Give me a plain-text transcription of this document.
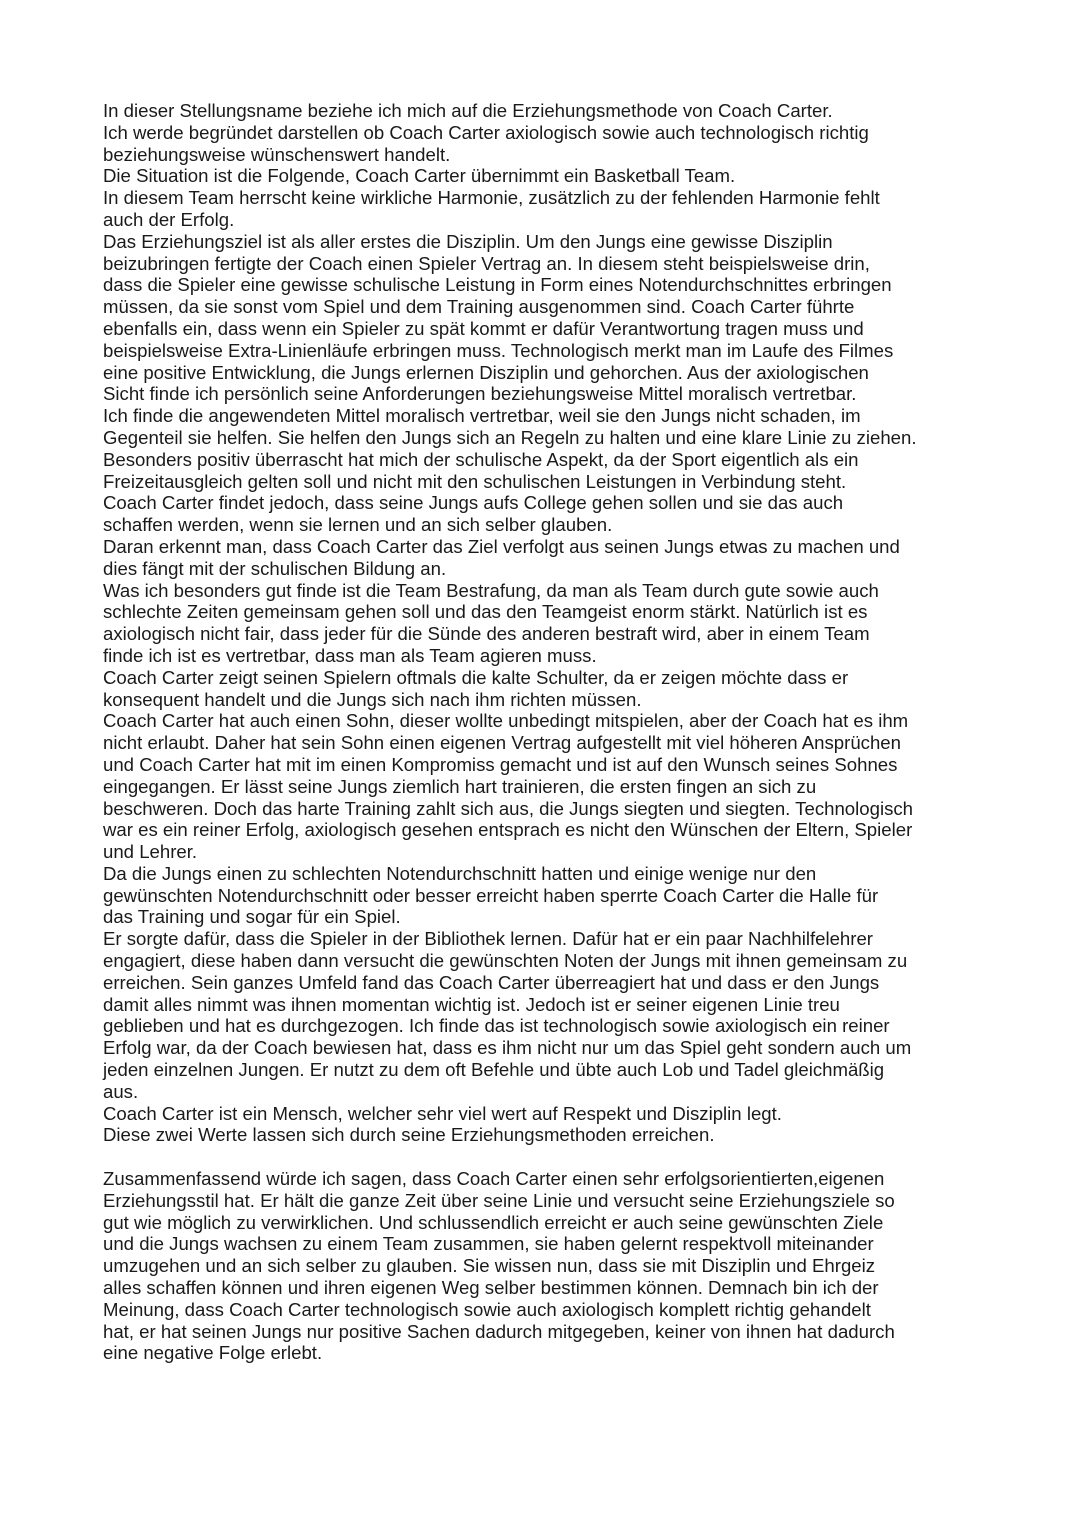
In dieser Stellungsname beziehe ich mich auf die Erziehungsmethode von Coach Carter.
Ich werde begründet darstellen ob Coach Carter axiologisch sowie auch technologisch richtig
beziehungsweise wünschenswert handelt.
Die Situation ist die Folgende, Coach Carter übernimmt ein Basketball Team.
In diesem Team herrscht keine wirkliche Harmonie, zusätzlich zu der fehlenden Harmonie fehlt
auch der Erfolg.
Das Erziehungsziel ist als aller erstes die Disziplin. Um den Jungs eine gewisse Disziplin
beizubringen fertigte der Coach einen Spieler Vertrag an. In diesem steht beispielsweise drin,
dass die Spieler eine gewisse schulische Leistung in Form eines Notendurchschnittes erbringen
müssen, da sie sonst vom Spiel und dem Training ausgenommen sind. Coach Carter führte
ebenfalls ein, dass wenn ein Spieler zu spät kommt er dafür Verantwortung tragen muss und
beispielsweise Extra-Linienläufe erbringen muss. Technologisch merkt man im Laufe des Filmes
eine positive Entwicklung, die Jungs erlernen Disziplin und gehorchen. Aus der axiologischen
Sicht finde ich persönlich seine Anforderungen beziehungsweise Mittel moralisch vertretbar.
Ich finde die angewendeten Mittel moralisch vertretbar, weil sie den Jungs nicht schaden, im
Gegenteil sie helfen. Sie helfen den Jungs sich an Regeln zu halten und eine klare Linie zu ziehen.
Besonders positiv überrascht hat mich der schulische Aspekt, da der Sport eigentlich als ein
Freizeitausgleich gelten soll und nicht mit den schulischen Leistungen in Verbindung steht.
Coach Carter findet jedoch, dass seine Jungs aufs College gehen sollen und sie das auch
schaffen werden, wenn sie lernen und an sich selber glauben.
Daran erkennt man, dass Coach Carter das Ziel verfolgt aus seinen Jungs etwas zu machen und
dies fängt mit der schulischen Bildung an.
Was ich besonders gut finde ist die Team Bestrafung, da man als Team durch gute sowie auch
schlechte Zeiten gemeinsam gehen soll und das den Teamgeist enorm stärkt. Natürlich ist es
axiologisch nicht fair, dass jeder für die Sünde des anderen bestraft wird, aber in einem Team
finde ich ist es vertretbar, dass man als Team agieren muss.
Coach Carter zeigt seinen Spielern oftmals die kalte Schulter, da er zeigen möchte dass er
konsequent handelt und die Jungs sich nach ihm richten müssen.
Coach Carter hat auch einen Sohn, dieser wollte unbedingt mitspielen, aber der Coach hat es ihm
nicht erlaubt. Daher hat sein Sohn einen eigenen Vertrag aufgestellt mit viel höheren Ansprüchen
und Coach Carter hat mit im einen Kompromiss gemacht und ist auf den Wunsch seines Sohnes
eingegangen. Er lässt seine Jungs ziemlich hart trainieren, die ersten fingen an sich zu
beschweren. Doch das harte Training zahlt sich aus, die Jungs siegten und siegten. Technologisch
war es ein reiner Erfolg, axiologisch gesehen entsprach es nicht den Wünschen der Eltern, Spieler
und Lehrer.
Da die Jungs einen zu schlechten Notendurchschnitt hatten und einige wenige nur den
gewünschten Notendurchschnitt oder besser erreicht haben sperrte Coach Carter die Halle für
das Training und sogar für ein Spiel.
Er sorgte dafür, dass die Spieler in der Bibliothek lernen. Dafür hat er ein paar Nachhilfelehrer
engagiert, diese haben dann versucht die gewünschten Noten der Jungs mit ihnen gemeinsam zu
erreichen. Sein ganzes Umfeld fand das Coach Carter überreagiert hat und dass er den Jungs
damit alles nimmt was ihnen momentan wichtig ist. Jedoch ist er seiner eigenen Linie treu
geblieben und hat es durchgezogen. Ich finde das ist technologisch sowie axiologisch ein reiner
Erfolg war, da der Coach bewiesen hat, dass es ihm nicht nur um das Spiel geht sondern auch um
jeden einzelnen Jungen. Er nutzt zu dem oft Befehle und übte auch Lob und Tadel gleichmäßig
aus.
Coach Carter ist ein Mensch, welcher sehr viel wert auf Respekt und Disziplin legt.
Diese zwei Werte lassen sich durch seine Erziehungsmethoden erreichen.
Zusammenfassend würde ich sagen, dass Coach Carter einen sehr erfolgsorientierten,eigenen
Erziehungsstil hat. Er hält die ganze Zeit über seine Linie und versucht seine Erziehungsziele so
gut wie möglich zu verwirklichen. Und schlussendlich erreicht er auch seine gewünschten Ziele
und die Jungs wachsen zu einem Team zusammen, sie haben gelernt respektvoll miteinander
umzugehen und an sich selber zu glauben. Sie wissen nun, dass sie mit Disziplin und Ehrgeiz
alles schaffen können und ihren eigenen Weg selber bestimmen können. Demnach bin ich der
Meinung, dass Coach Carter technologisch sowie auch axiologisch komplett richtig gehandelt
hat, er hat seinen Jungs nur positive Sachen dadurch mitgegeben, keiner von ihnen hat dadurch
eine negative Folge erlebt.
